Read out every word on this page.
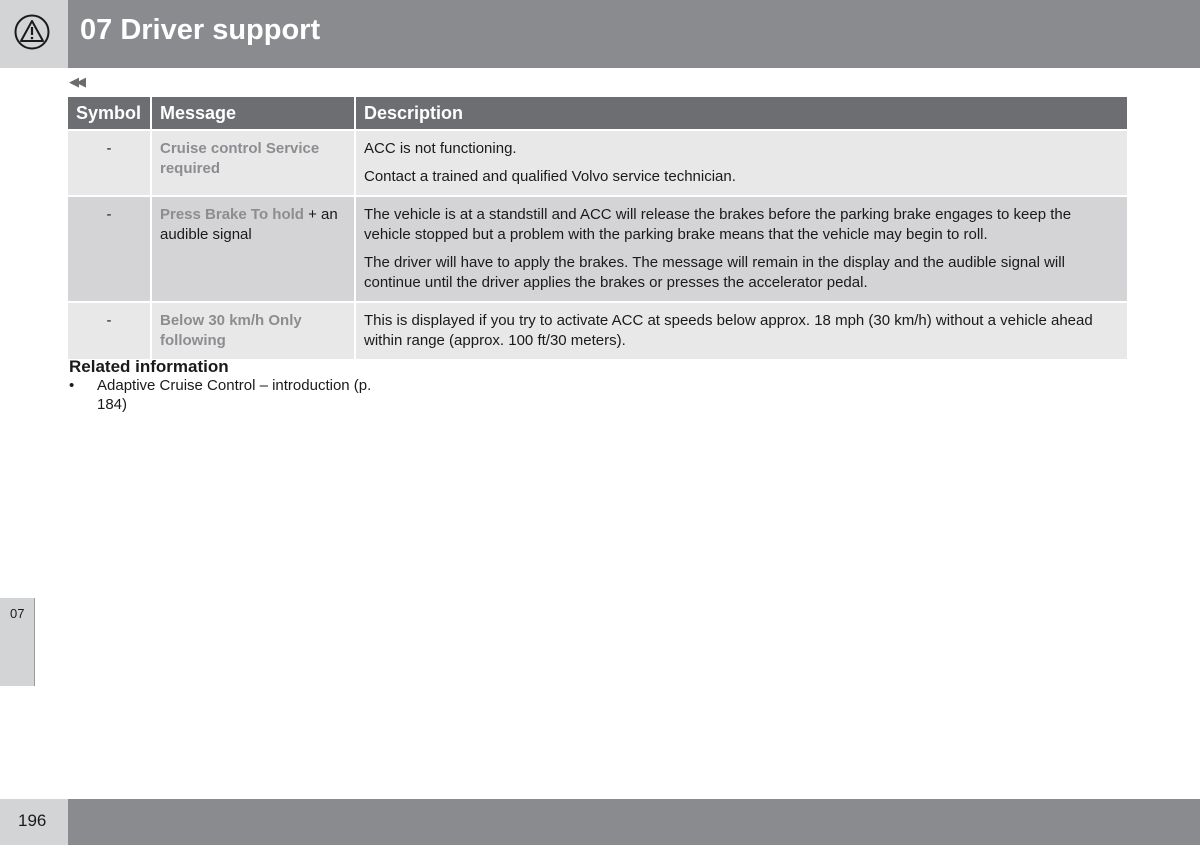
07 Driver support
◀◀
Symbol	Message	Description
-	Cruise control Service required	ACC is not functioning.

Contact a trained and qualified Volvo service technician.

-	Press Brake To hold + an audible signal	The vehicle is at a standstill and ACC will release the brakes before the parking brake engages to keep the vehicle stopped but a problem with the parking brake means that the vehicle may begin to roll.

The driver will have to apply the brakes. The message will remain in the display and the audible signal will continue until the driver applies the brakes or presses the accelerator pedal.

-	Below 30 km/h Only following	This is displayed if you try to activate ACC at speeds below approx. 18 mph (30 km/h) without a vehicle ahead within range (approx. 100 ft/30 meters).

Related information

• Adaptive Cruise Control – introduction (p. 184)
07
196
